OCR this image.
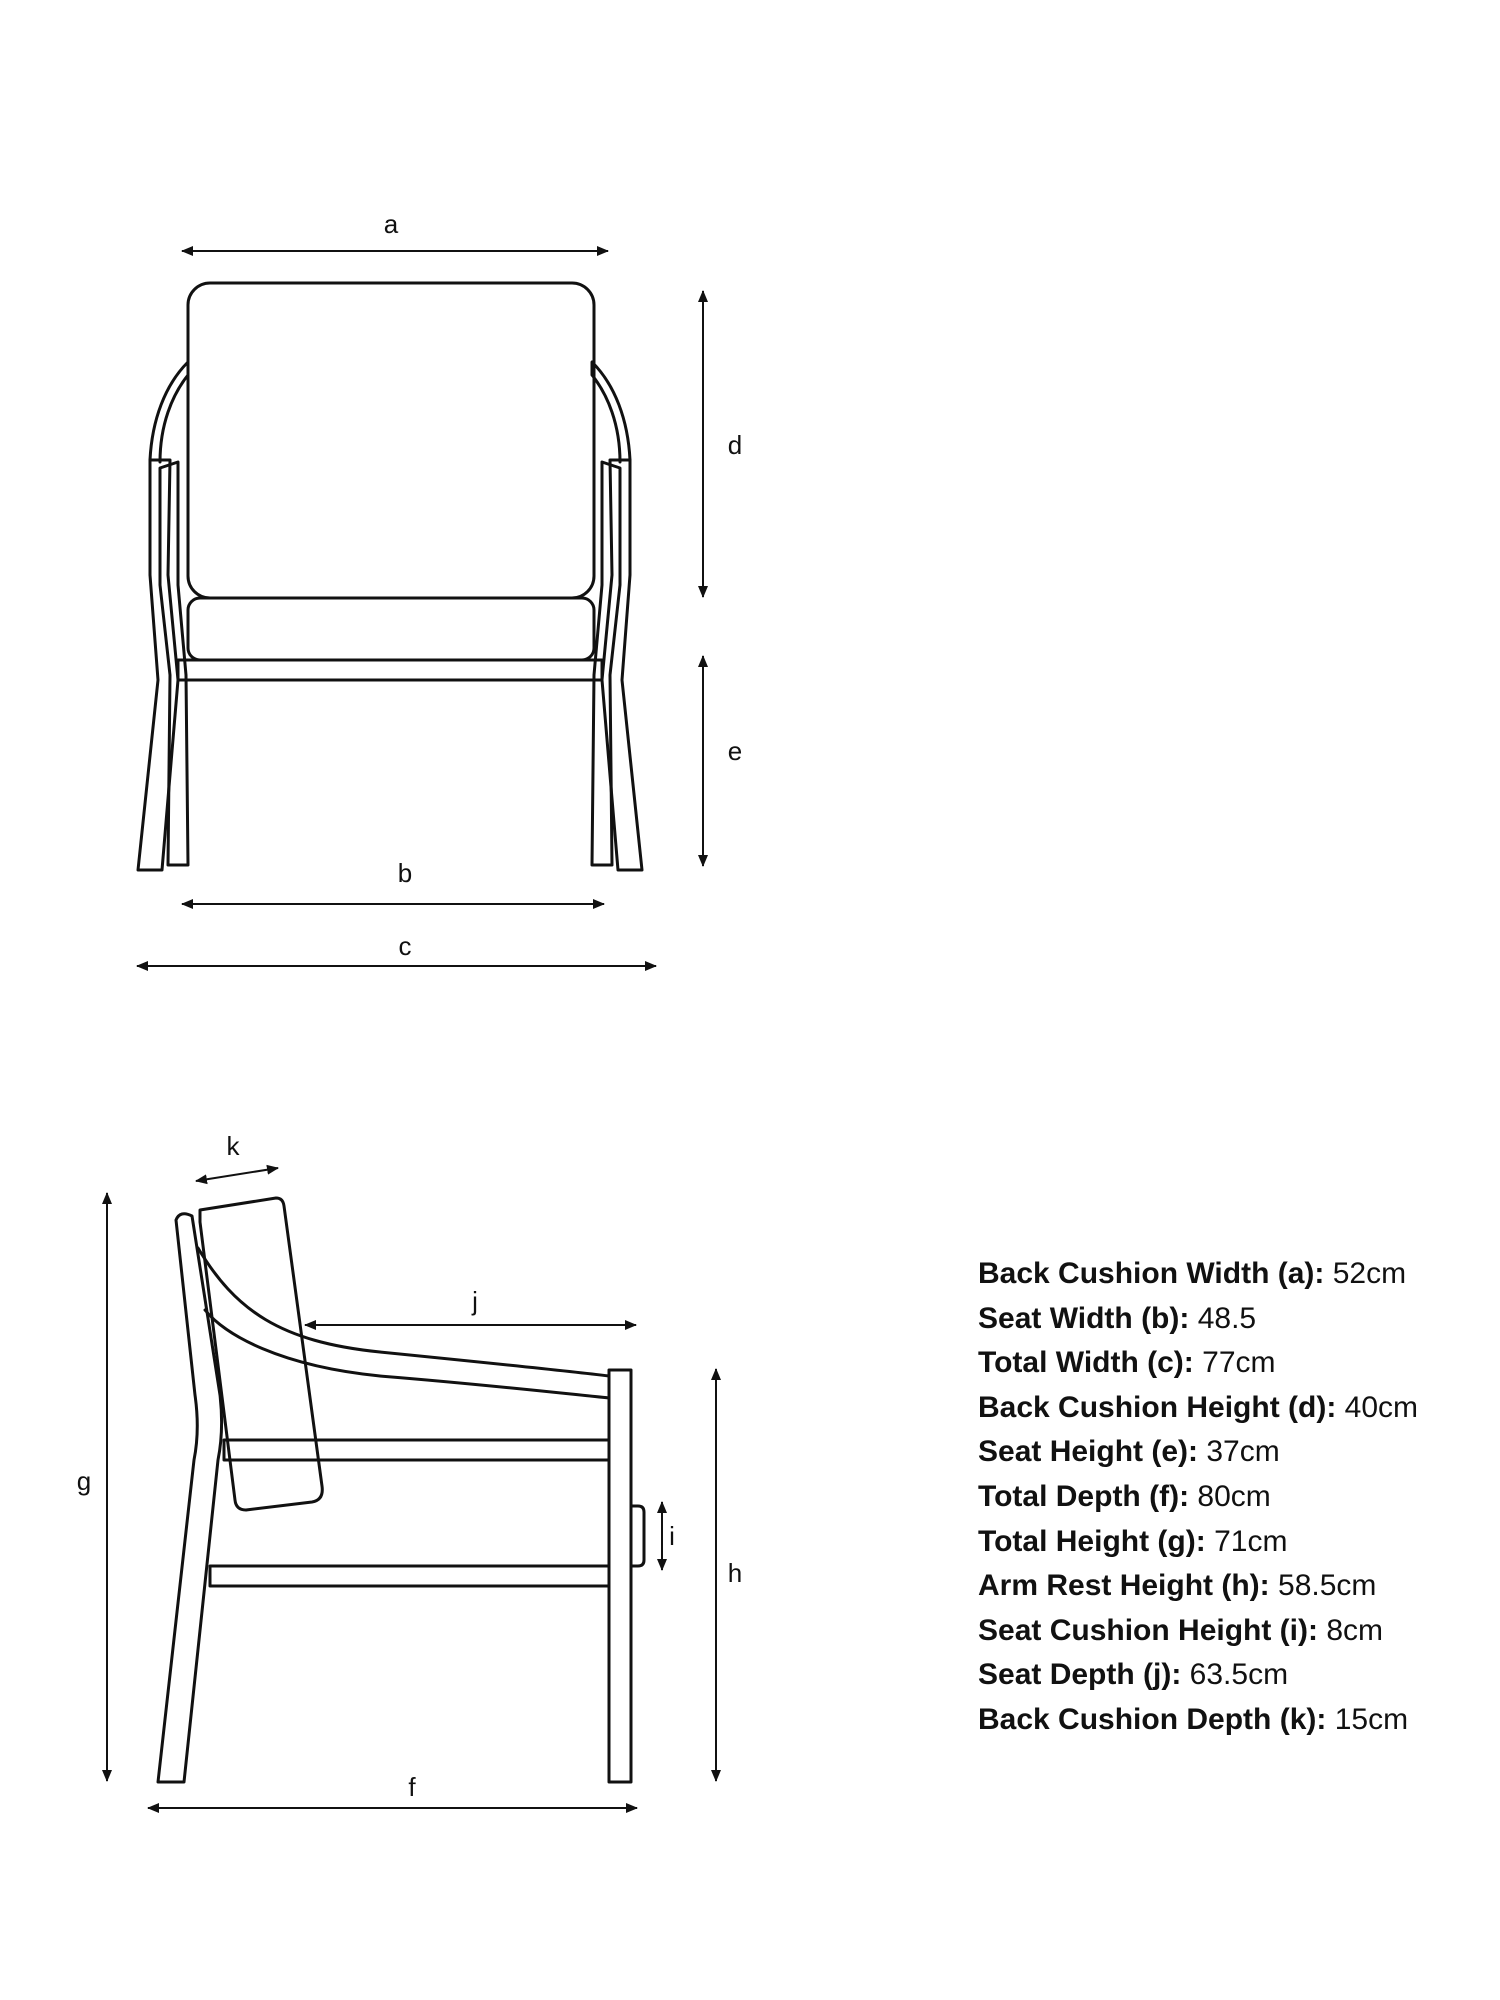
a
b
c
d
e
k
j
g
h
i
f
Back Cushion Width (a): 52cm
Seat Width (b): 48.5
Total Width (c): 77cm
Back Cushion Height (d): 40cm
Seat Height (e): 37cm
Total Depth (f): 80cm
Total Height (g): 71cm
Arm Rest Height (h): 58.5cm
Seat Cushion Height (i): 8cm
Seat Depth (j): 63.5cm
Back Cushion Depth (k): 15cm
